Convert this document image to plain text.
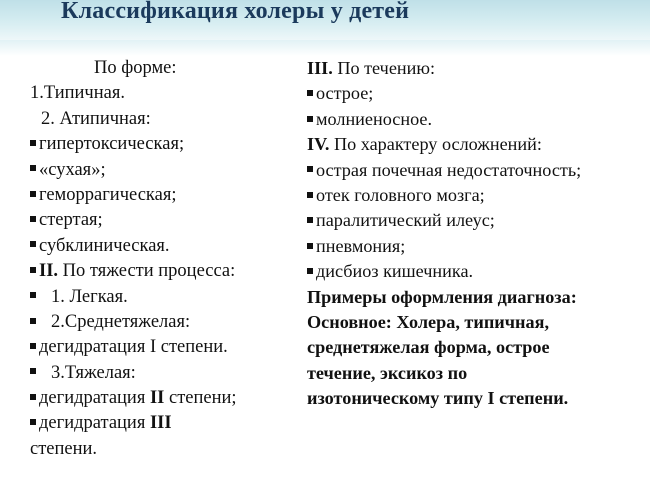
Классификация холеры у детей
По форме:
1.Типичная.
2. Атипичная:
гипертоксическая;
«сухая»;
геморрагическая;
стертая;
субклиническая.
II. По тяжести процесса:
1. Легкая.
2.Среднетяжелая:
дегидратация I степени.
3.Тяжелая:
дегидратация II степени;
дегидратация III
степени.
III. По течению:
острое;
молниеносное.
IV. По характеру осложнений:
острая почечная недостаточность;
отек головного мозга;
паралитический илеус;
пневмония;
дисбиоз кишечника.
Примеры оформления диагноза:
Основное: Холера, типичная,
среднетяжелая форма, острое
течение, эксикоз по
изотоническому типу I степени.
